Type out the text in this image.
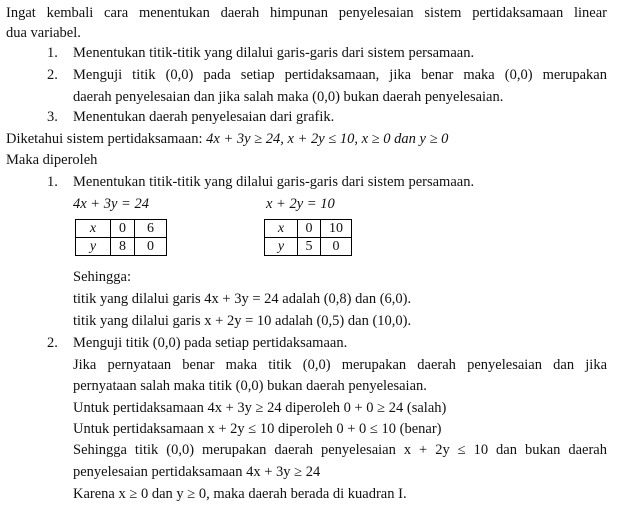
Ingat kembali cara menentukan daerah himpunan penyelesaian sistem pertidaksamaan linear
dua variabel.
1. Menentukan titik-titik yang dilalui garis-garis dari sistem persamaan.
2. Menguji titik (0,0) pada setiap pertidaksamaan, jika benar maka (0,0) merupakan
daerah penyelesaian dan jika salah maka (0,0) bukan daerah penyelesaian.
3. Menentukan daerah penyelesaian dari grafik.
Diketahui sistem pertidaksamaan: 4x + 3y ≥ 24, x + 2y ≤ 10, x ≥ 0 dan y ≥ 0
Maka diperoleh
1. Menentukan titik-titik yang dilalui garis-garis dari sistem persamaan.
4x + 3y = 24	x + 2y = 10
x	0	6
y	8	0
x	0	10
y	5	0
Sehingga:
titik yang dilalui garis 4x + 3y = 24 adalah (0,8) dan (6,0).
titik yang dilalui garis x + 2y = 10 adalah (0,5) dan (10,0).
2. Menguji titik (0,0) pada setiap pertidaksamaan.
Jika pernyataan benar maka titik (0,0) merupakan daerah penyelesaian dan jika
pernyataan salah maka titik (0,0) bukan daerah penyelesaian.
Untuk pertidaksamaan 4x + 3y ≥ 24 diperoleh 0 + 0 ≥ 24 (salah)
Untuk pertidaksamaan x + 2y ≤ 10 diperoleh 0 + 0 ≤ 10 (benar)
Sehingga titik (0,0) merupakan daerah penyelesaian x + 2y ≤ 10 dan bukan daerah
penyelesaian pertidaksamaan 4x + 3y ≥ 24
Karena x ≥ 0 dan y ≥ 0, maka daerah berada di kuadran I.
